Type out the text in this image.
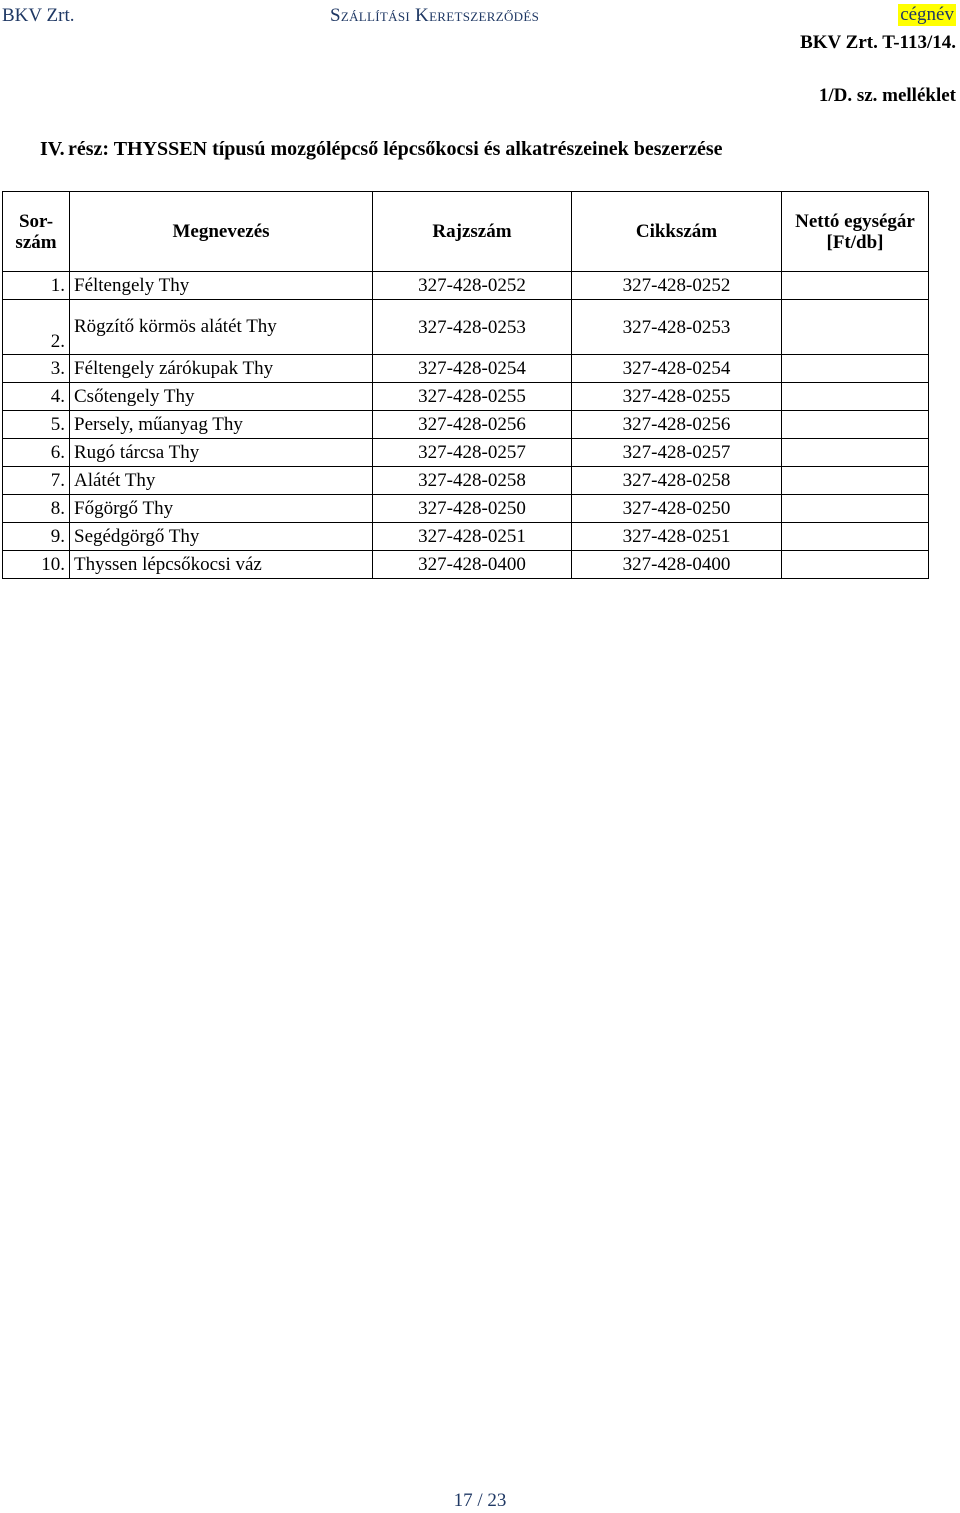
BKV Zrt.	Szállítási Keretszerződés	cégnév
BKV Zrt. T-113/14.
1/D. sz. melléklet
IV. rész: THYSSEN típusú mozgólépcső lépcsőkocsi és alkatrészeinek beszerzése
Sor-szám	Megnevezés	Rajzszám	Cikkszám	Nettó egységár [Ft/db]
1.	Féltengely Thy	327-428-0252	327-428-0252	
2.	Rögzítő körmös alátét Thy	327-428-0253	327-428-0253	
3.	Féltengely zárókupak Thy	327-428-0254	327-428-0254	
4.	Csőtengely Thy	327-428-0255	327-428-0255	
5.	Persely, műanyag Thy	327-428-0256	327-428-0256	
6.	Rugó tárcsa Thy	327-428-0257	327-428-0257	
7.	Alátét Thy	327-428-0258	327-428-0258	
8.	Főgörgő Thy	327-428-0250	327-428-0250	
9.	Segédgörgő Thy	327-428-0251	327-428-0251	
10.	Thyssen lépcsőkocsi váz	327-428-0400	327-428-0400	
17 / 23
